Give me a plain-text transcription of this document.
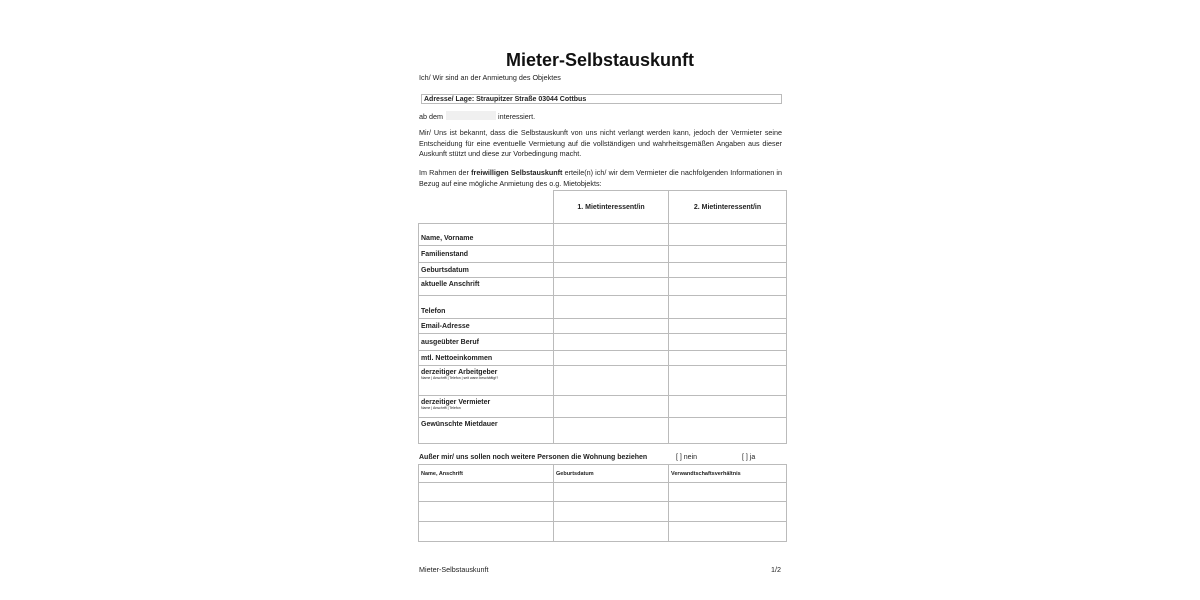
Mieter-Selbstauskunft
Ich/ Wir sind an der Anmietung des Objektes
Adresse/ Lage: Straupitzer Straße 03044 Cottbus
ab dem	interessiert.
Mir/ Uns ist bekannt, dass die Selbstauskunft von uns nicht verlangt werden kann, jedoch der Vermieter seine
Entscheidung für eine eventuelle Vermietung auf die vollständigen und wahrheitsgemäßen Angaben aus dieser
Auskunft stützt und diese zur Vorbedingung macht.
Im Rahmen der freiwilligen Selbstauskunft erteile(n) ich/ wir dem Vermieter die nachfolgenden Informationen in
Bezug auf eine mögliche Anmietung des o.g. Mietobjekts:
	1. Mietinteressent/in	2. Mietinteressent/in
Name, Vorname		
Familienstand		
Geburtsdatum		
aktuelle Anschrift		
Telefon		
Email-Adresse		
ausgeübter Beruf		
mtl. Nettoeinkommen		
derzeitiger Arbeitgeber
Name | Anschrift | Telefon | seit wann beschäftigt?		

derzeitiger Vermieter
Name | Anschrift | Telefon		

Gewünschte Mietdauer		
Außer mir/ uns sollen noch weitere Personen die Wohnung beziehen	[ ] nein	[ ] ja
Name, Anschrift	Geburtsdatum	Verwandtschaftsverhältnis

Mieter-Selbstauskunft	1/2
